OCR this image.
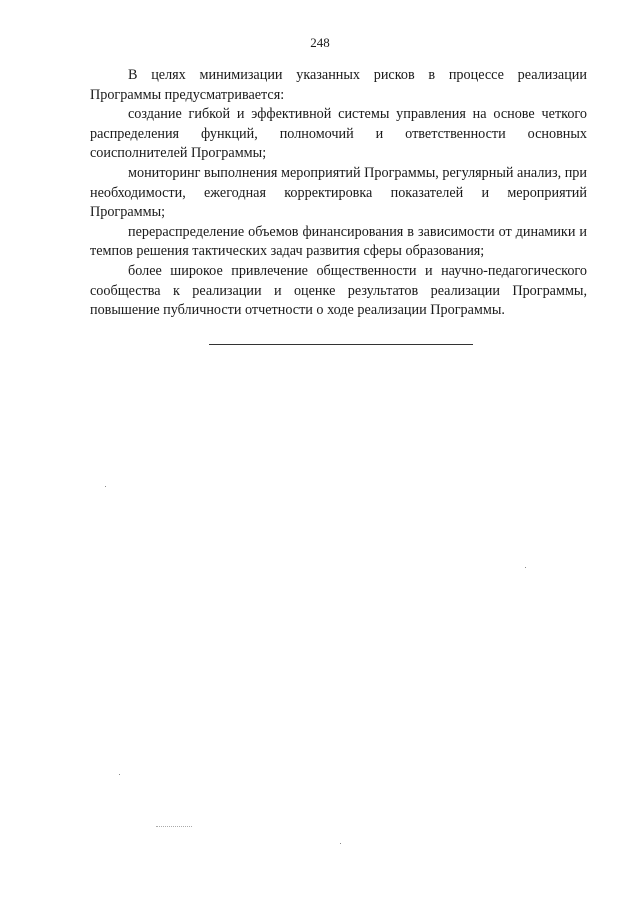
248

В целях минимизации указанных рисков в процессе реализации Программы предусматривается:

создание гибкой и эффективной системы управления на основе четкого распределения функций, полномочий и ответственности основных соисполнителей Программы;

мониторинг выполнения мероприятий Программы, регулярный анализ, при необходимости, ежегодная корректировка показателей и мероприятий Программы;

перераспределение объемов финансирования в зависимости от динамики и темпов решения тактических задач развития сферы образования;

более широкое привлечение общественности и научно-педагогического сообщества к реализации и оценке результатов реализации Программы, повышение публичности отчетности о ходе реализации Программы.
